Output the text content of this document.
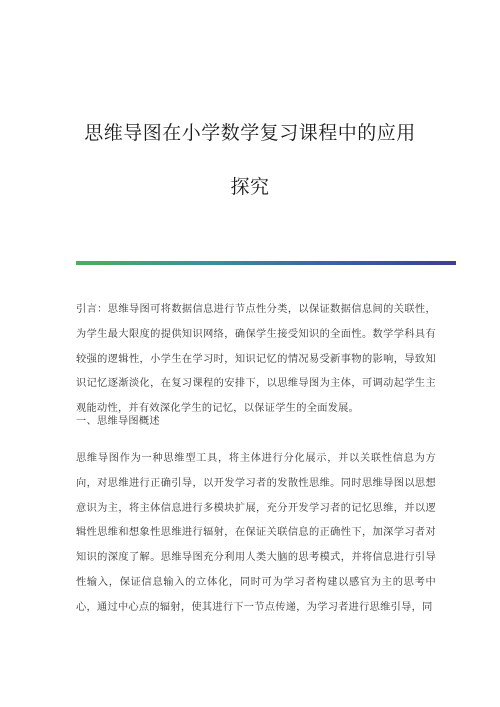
思维导图在小学数学复习课程中的应用
探究

引言：思维导图可将数据信息进行节点性分类，以保证数据信息间的关联性，为学生最大限度的提供知识网络，确保学生接受知识的全面性。数学学科具有较强的逻辑性，小学生在学习时，知识记忆的情况易受新事物的影响，导致知识记忆逐渐淡化，在复习课程的安排下，以思维导图为主体，可调动起学生主观能动性，并有效深化学生的记忆，以保证学生的全面发展。

一、思维导图概述

思维导图作为一种思维型工具，将主体进行分化展示，并以关联性信息为方向，对思维进行正确引导，以开发学习者的发散性思维。同时思维导图以思想意识为主，将主体信息进行多模块扩展，充分开发学习者的记忆思维，并以逻辑性思维和想象性思维进行辐射，在保证关联信息的正确性下，加深学习者对知识的深度了解。思维导图充分利用人类大脑的思考模式，并将信息进行引导性输入，保证信息输入的立体化，同时可为学习者构建以感官为主的思考中心，通过中心点的辐射，使其进行下一节点传递，为学习者进行思维引导，同
